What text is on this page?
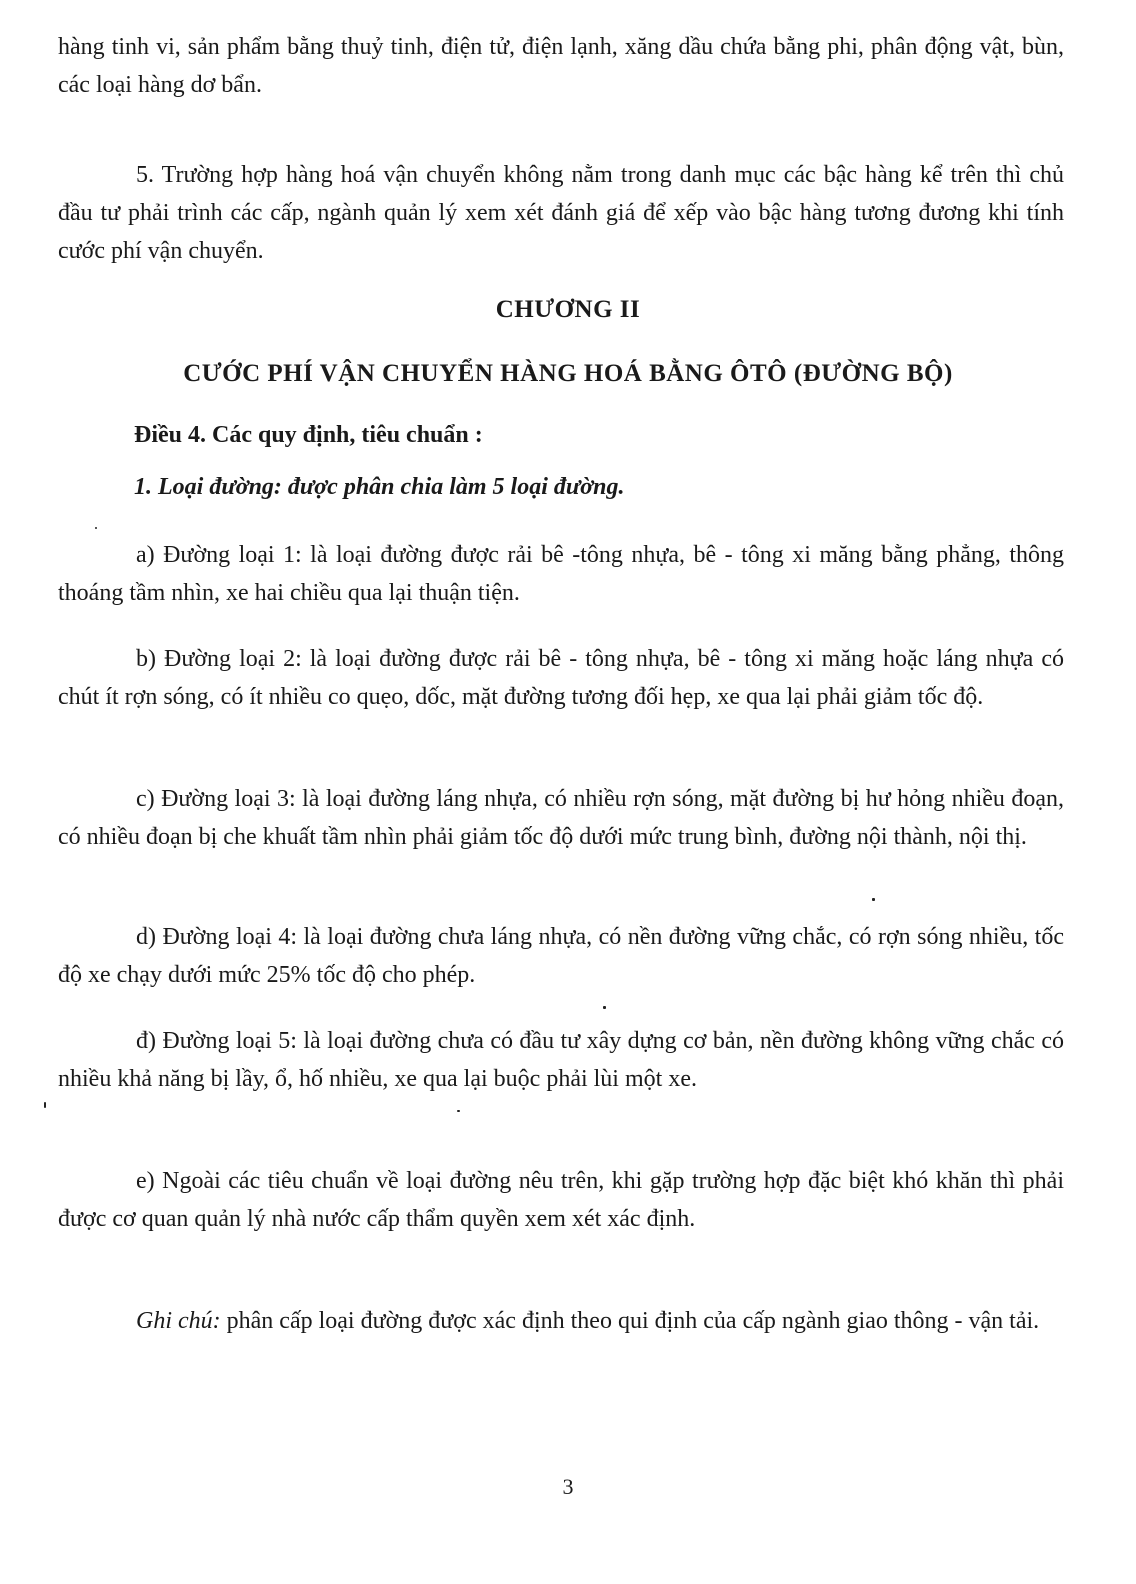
hàng tinh vi, sản phẩm bằng thuỷ tinh, điện tử, điện lạnh, xăng dầu chứa bằng phi, phân động vật, bùn, các loại hàng dơ bẩn.
5. Trường hợp hàng hoá vận chuyển không nằm trong danh mục các bậc hàng kể trên thì chủ đầu tư phải trình các cấp, ngành quản lý xem xét đánh giá để xếp vào bậc hàng tương đương khi tính cước phí vận chuyển.
CHƯƠNG II
CƯỚC PHÍ VẬN CHUYỂN HÀNG HOÁ BẰNG ÔTÔ (ĐƯỜNG BỘ)
Điều 4. Các quy định, tiêu chuẩn :
1. Loại đường: được phân chia làm 5 loại đường.
a) Đường loại 1: là loại đường được rải bê -tông nhựa, bê - tông xi măng bằng phẳng, thông thoáng tầm nhìn, xe hai chiều qua lại thuận tiện.
b) Đường loại 2: là loại đường được rải bê - tông nhựa, bê - tông xi măng hoặc láng nhựa có chút ít rợn sóng, có ít nhiều co quẹo, dốc, mặt đường tương đối hẹp, xe qua lại phải giảm tốc độ.
c) Đường loại 3: là loại đường láng nhựa, có nhiều rợn sóng, mặt đường bị hư hỏng nhiều đoạn, có nhiều đoạn bị che khuất tầm nhìn phải giảm tốc độ dưới mức trung bình, đường nội thành, nội thị.
d) Đường loại 4: là loại đường chưa láng nhựa, có nền đường vững chắc, có rợn sóng nhiều, tốc độ xe chạy dưới mức 25% tốc độ cho phép.
đ) Đường loại 5: là loại đường chưa có đầu tư xây dựng cơ bản, nền đường không vững chắc có nhiều khả năng bị lầy, ổ, hố nhiều, xe qua lại buộc phải lùi một xe.
e) Ngoài các tiêu chuẩn về loại đường nêu trên, khi gặp trường hợp đặc biệt khó khăn thì phải được cơ quan quản lý nhà nước cấp thẩm quyền xem xét xác định.
Ghi chú: phân cấp loại đường được xác định theo qui định của cấp ngành giao thông - vận tải.
3
